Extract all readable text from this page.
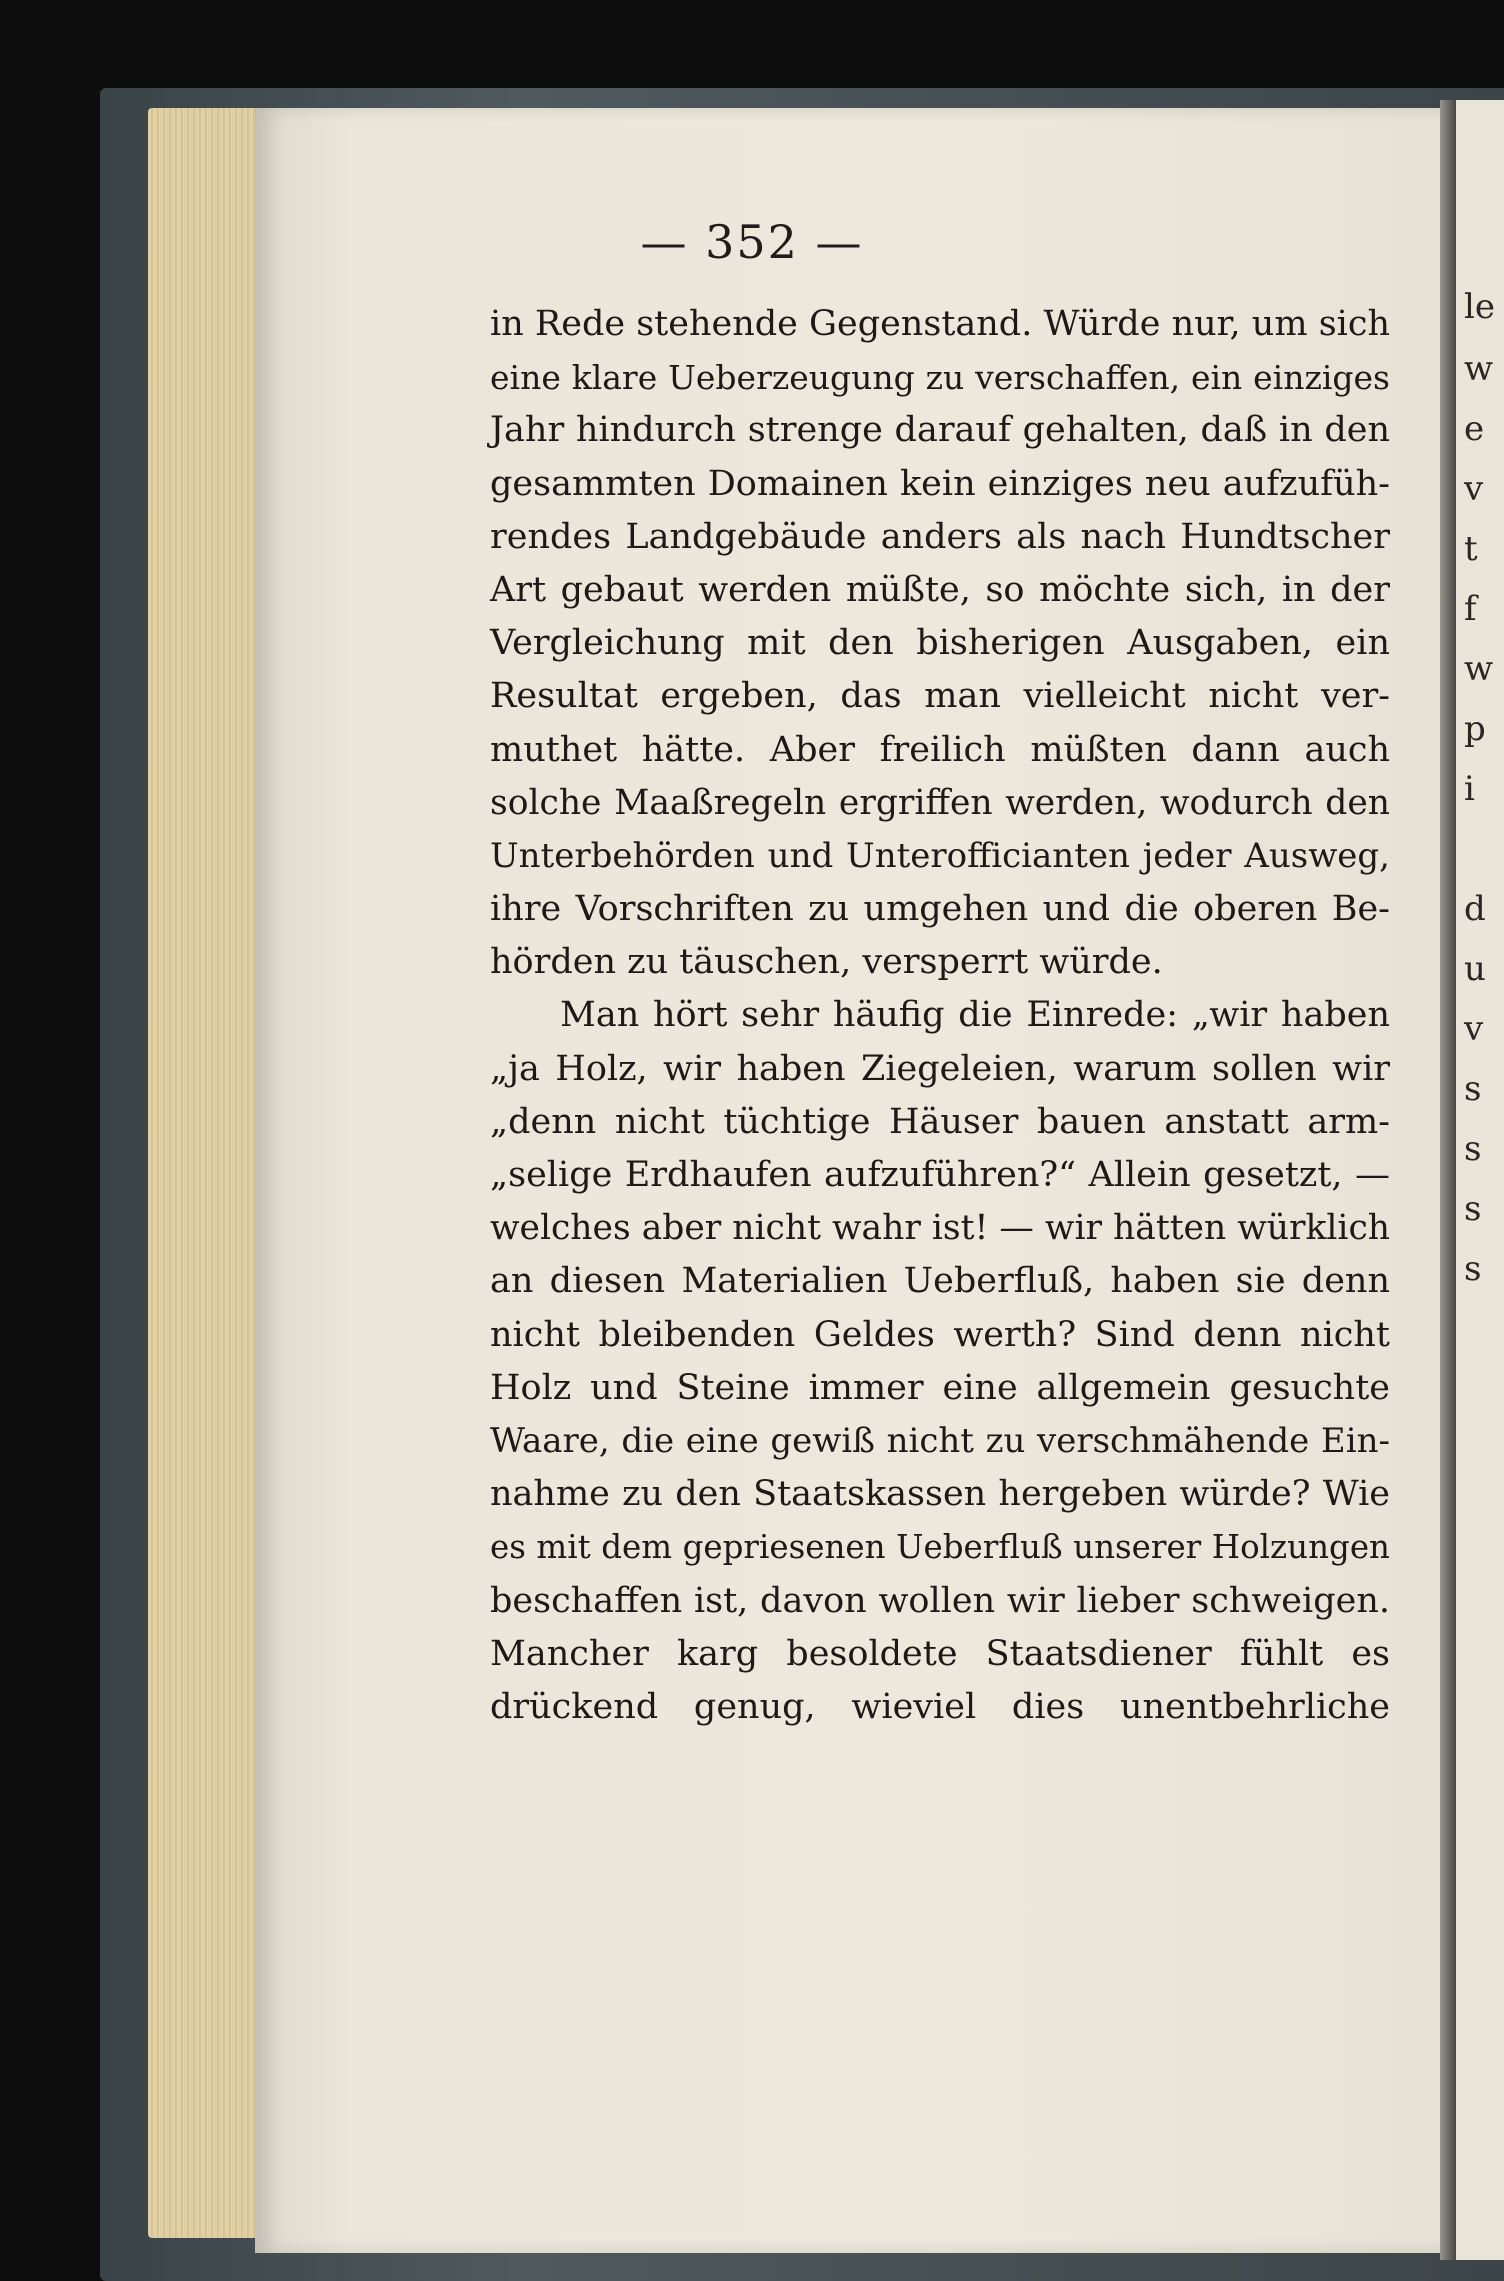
le
w
e
v
t
f
w
p
i
d
u
v
s
s
s
s
— 352 —
in Rede stehende Gegenstand. Würde nur, um sich
eine klare Ueberzeugung zu verschaffen, ein einziges
Jahr hindurch strenge darauf gehalten, daß in den
gesammten Domainen kein einziges neu aufzufüh-
rendes Landgebäude anders als nach Hundtscher
Art gebaut werden müßte, so möchte sich, in der
Vergleichung mit den bisherigen Ausgaben, ein
Resultat ergeben, das man vielleicht nicht ver-
muthet hätte. Aber freilich müßten dann auch
solche Maaßregeln ergriffen werden, wodurch den
Unterbehörden und Unterofficianten jeder Ausweg,
ihre Vorschriften zu umgehen und die oberen Be-
hörden zu täuschen, versperrt würde.
Man hört sehr häufig die Einrede: „wir haben
„ja Holz, wir haben Ziegeleien, warum sollen wir
„denn nicht tüchtige Häuser bauen anstatt arm-
„selige Erdhaufen aufzuführen?“ Allein gesetzt, —
welches aber nicht wahr ist! — wir hätten würklich
an diesen Materialien Ueberfluß, haben sie denn
nicht bleibenden Geldes werth? Sind denn nicht
Holz und Steine immer eine allgemein gesuchte
Waare, die eine gewiß nicht zu verschmähende Ein-
nahme zu den Staatskassen hergeben würde? Wie
es mit dem gepriesenen Ueberfluß unserer Holzungen
beschaffen ist, davon wollen wir lieber schweigen.
Mancher karg besoldete Staatsdiener fühlt es
drückend genug, wieviel dies unentbehrliche
